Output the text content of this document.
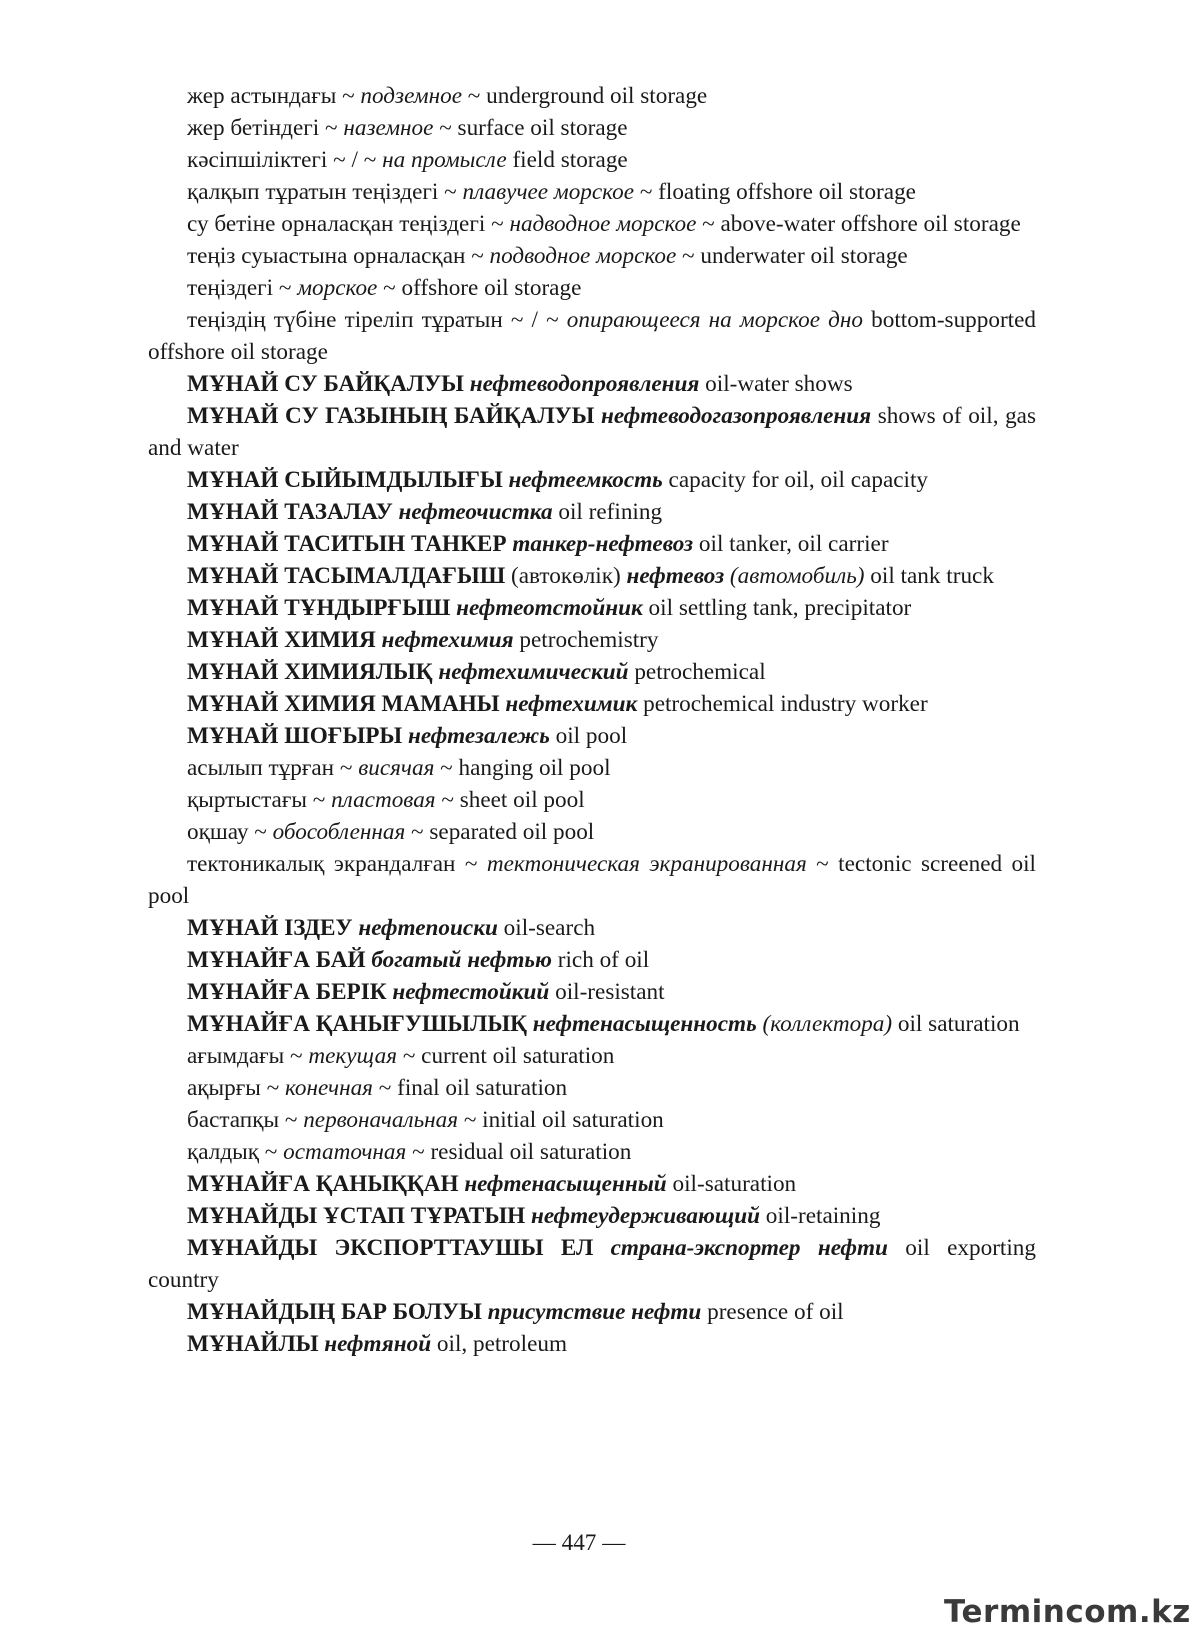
жер астындағы ~ подземное ~ underground oil storage

жер бетіндегі ~ наземное ~ surface oil storage

кәсіпшіліктегі ~ / ~ на промысле field storage

қалқып тұратын теңіздегі ~ плавучее морское ~ floating offshore oil storage

су бетіне орналасқан теңіздегі ~ надводное морское ~ above-water offshore oil storage

теңіз суыастына орналасқан ~ подводное морское ~ underwater oil storage

теңіздегі ~ морское ~ offshore oil storage

теңіздің түбіне тіреліп тұратын ~ / ~ опирающееся на морское дно bottom-supported offshore oil storage

МҰНАЙ СУ БАЙҚАЛУЫ нефтеводопроявления oil-water shows

МҰНАЙ СУ ГАЗЫНЫҢ БАЙҚАЛУЫ нефтеводогазопроявления shows of oil, gas and water

МҰНАЙ СЫЙЫМДЫЛЫҒЫ нефтеемкость capacity for oil, oil capacity

МҰНАЙ ТАЗАЛАУ нефтеочистка oil refining

МҰНАЙ ТАСИТЫН ТАНКЕР танкер-нефтевоз oil tanker, oil carrier

МҰНАЙ ТАСЫМАЛДАҒЫШ (автокөлік) нефтевоз (автомобиль) oil tank truck

МҰНАЙ ТҰНДЫРҒЫШ нефтеотстойник oil settling tank, precipitator

МҰНАЙ ХИМИЯ нефтехимия petrochemistry

МҰНАЙ ХИМИЯЛЫҚ нефтехимический petrochemical

МҰНАЙ ХИМИЯ МАМАНЫ нефтехимик petrochemical industry worker

МҰНАЙ ШОҒЫРЫ нефтезалежь oil pool

асылып тұрған ~ висячая ~ hanging oil pool

қыртыстағы ~ пластовая ~ sheet oil pool

оқшау ~ обособленная ~ separated oil pool

тектоникалық экрандалған ~ тектоническая экранированная ~ tectonic screened oil pool

МҰНАЙ ІЗДЕУ нефтепоиски oil-search

МҰНАЙҒА БАЙ богатый нефтью rich of oil

МҰНАЙҒА БЕРІК нефтестойкий oil-resistant

МҰНАЙҒА ҚАНЫҒУШЫЛЫҚ нефтенасыщенность (коллектора) oil saturation

ағымдағы ~ текущая ~ current oil saturation

ақырғы ~ конечная ~ final oil saturation

бастапқы ~ первоначальная ~ initial oil saturation

қалдық ~ остаточная ~ residual oil saturation

МҰНАЙҒА ҚАНЫҚҚАН нефтенасыщенный oil-saturation

МҰНАЙДЫ ҰСТАП ТҰРАТЫН нефтеудерживающий oil-retaining

МҰНАЙДЫ ЭКСПОРТТАУШЫ ЕЛ страна-экспортер нефти oil exporting country

МҰНАЙДЫҢ БАР БОЛУЫ присутствие нефти presence of oil

МҰНАЙЛЫ нефтяной oil, petroleum

— 447 —
Termincom.kz
